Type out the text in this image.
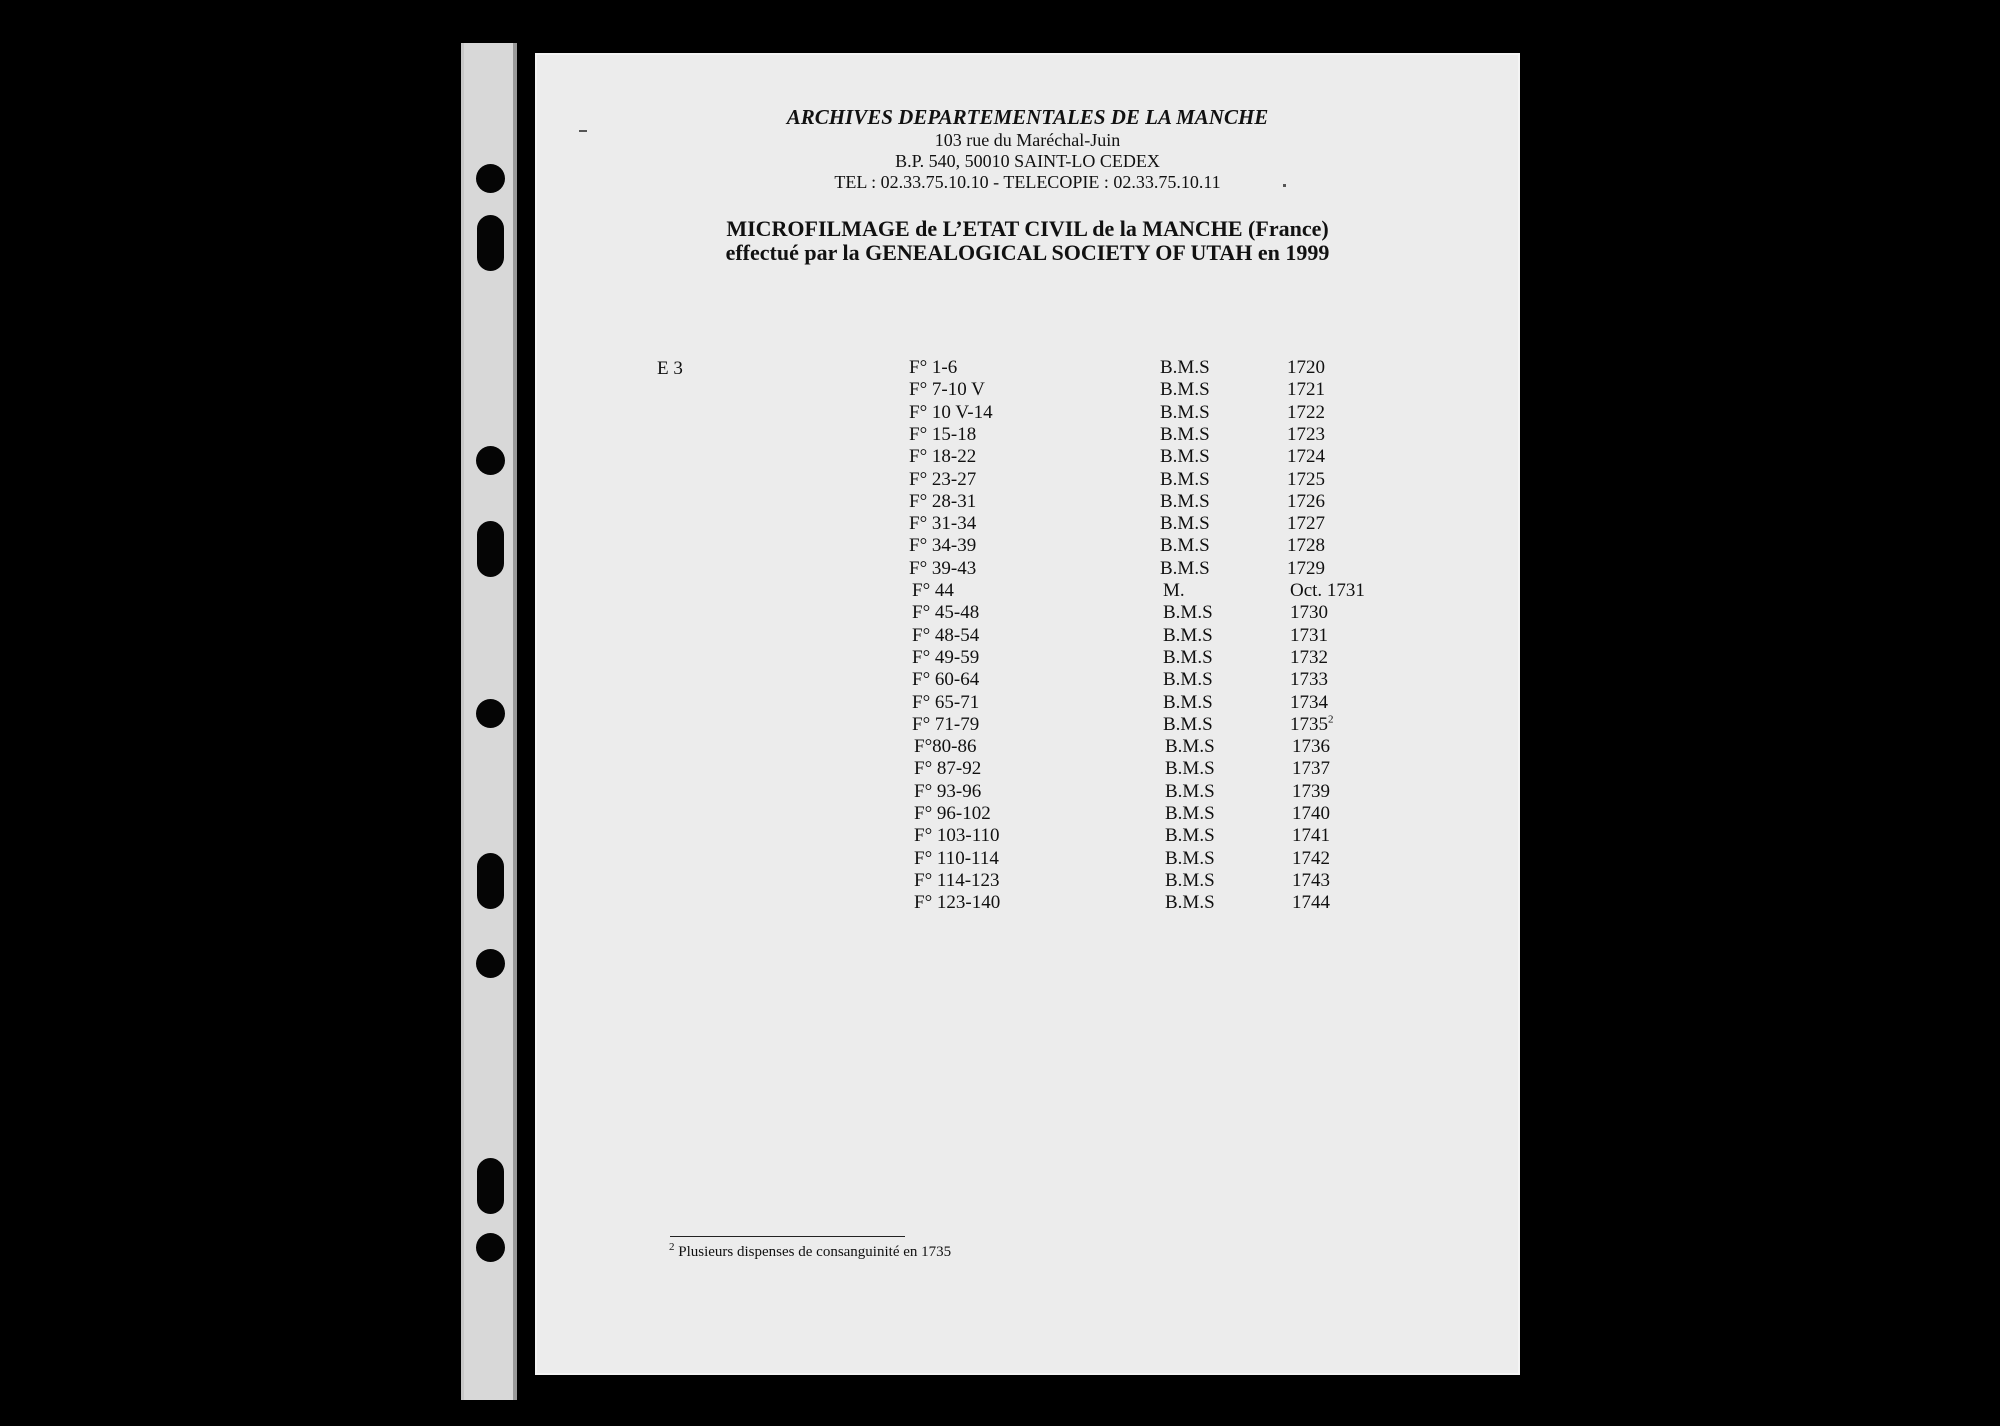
ARCHIVES DEPARTEMENTALES DE LA MANCHE
103 rue du Maréchal-Juin
B.P. 540, 50010 SAINT-LO CEDEX
TEL : 02.33.75.10.10 - TELECOPIE : 02.33.75.10.11
MICROFILMAGE de L’ETAT CIVIL de la MANCHE (France)
effectué par la GENEALOGICAL SOCIETY OF UTAH en 1999
E 3	F° 1-6	B.M.S	1720
F° 7-10 V	B.M.S	1721
F° 10 V-14	B.M.S	1722
F° 15-18	B.M.S	1723
F° 18-22	B.M.S	1724
F° 23-27	B.M.S	1725
F° 28-31	B.M.S	1726
F° 31-34	B.M.S	1727
F° 34-39	B.M.S	1728
F° 39-43	B.M.S	1729
F° 44	M.	Oct. 1731
F° 45-48	B.M.S	1730
F° 48-54	B.M.S	1731
F° 49-59	B.M.S	1732
F° 60-64	B.M.S	1733
F° 65-71	B.M.S	1734
F° 71-79	B.M.S	1735$^2$
F°80-86	B.M.S	1736
F° 87-92	B.M.S	1737
F° 93-96	B.M.S	1739
F° 96-102	B.M.S	1740
F° 103-110	B.M.S	1741
F° 110-114	B.M.S	1742
F° 114-123	B.M.S	1743
F° 123-140	B.M.S	1744
$^2$ Plusieurs dispenses de consanguinité en 1735
